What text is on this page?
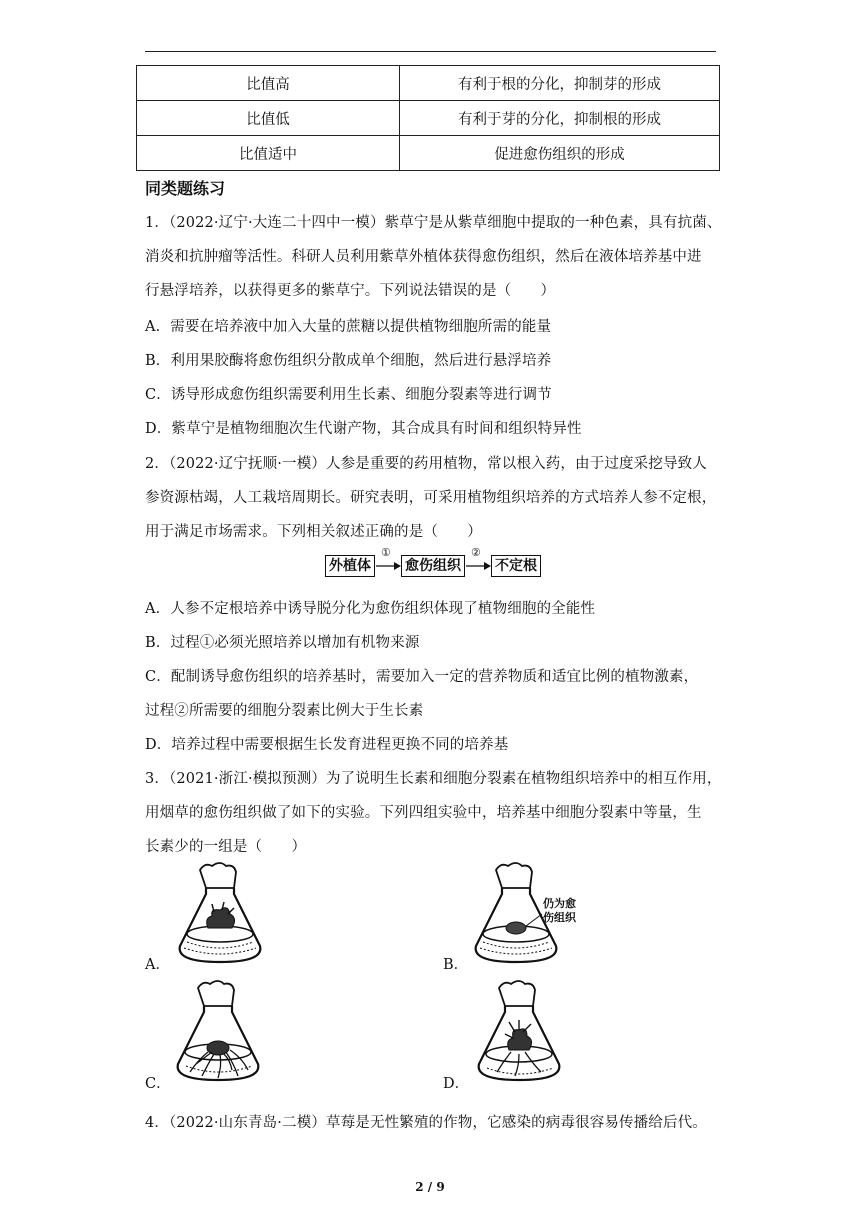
比值高	有利于根的分化，抑制芽的形成
比值低	有利于芽的分化，抑制根的形成
比值适中	促进愈伤组织的形成
同类题练习
1．（2022·辽宁·大连二十四中一模）紫草宁是从紫草细胞中提取的一种色素，具有抗菌、
消炎和抗肿瘤等活性。科研人员利用紫草外植体获得愈伤组织，然后在液体培养基中进
行悬浮培养，以获得更多的紫草宁。下列说法错误的是（　　）
A．需要在培养液中加入大量的蔗糖以提供植物细胞所需的能量
B．利用果胶酶将愈伤组织分散成单个细胞，然后进行悬浮培养
C．诱导形成愈伤组织需要利用生长素、细胞分裂素等进行调节
D．紫草宁是植物细胞次生代谢产物，其合成具有时间和组织特异性
2．（2022·辽宁抚顺·一模）人参是重要的药用植物，常以根入药，由于过度采挖导致人
参资源枯竭，人工栽培周期长。研究表明，可采用植物组织培养的方式培养人参不定根，
用于满足市场需求。下列相关叙述正确的是（　　）
外植体
①
愈伤组织
②
不定根
A．人参不定根培养中诱导脱分化为愈伤组织体现了植物细胞的全能性
B．过程①必须光照培养以增加有机物来源
C．配制诱导愈伤组织的培养基时，需要加入一定的营养物质和适宜比例的植物激素，
过程②所需要的细胞分裂素比例大于生长素
D．培养过程中需要根据生长发育进程更换不同的培养基
3．（2021·浙江·模拟预测）为了说明生长素和细胞分裂素在植物组织培养中的相互作用，
用烟草的愈伤组织做了如下的实验。下列四组实验中，培养基中细胞分裂素中等量，生
长素少的一组是（　　）
A．
仍为愈
伤组织
B．
C．	D．
4．（2022·山东青岛·二模）草莓是无性繁殖的作物，它感染的病毒很容易传播给后代。
2 / 9
